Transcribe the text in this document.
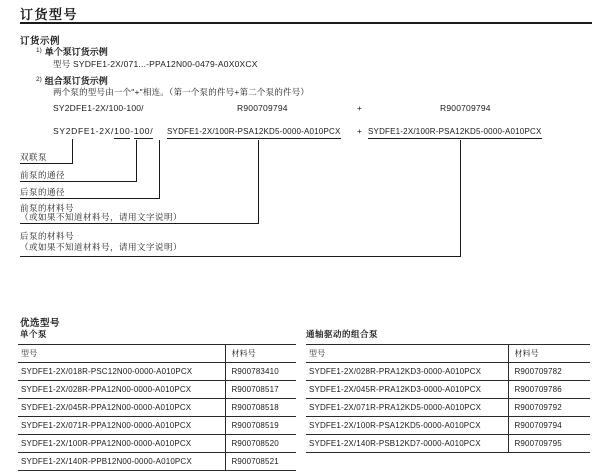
订货型号
订货示例
$^{1)}$ 单个泵订货示例
型号 SYDFE1-2X/071...-PPA12N00-0479-A0X0XCX
$^{2)}$ 组合泵订货示例
两个泵的型号由一个"+"相连。（第一个泵的件号+第二个泵的件号）
SY2DFE1-2X/100-100/	R900709794	+	R900709794
SY2DFE1-2X/100-100/ SYDFE1-2X/100R-PSA12KD5-0000-A010PCX + SYDFE1-2X/100R-PSA12KD5-0000-A010PCX
双联泵
前泵的通径
后泵的通径
前泵的材料号
（或如果不知道材料号，请用文字说明）
后泵的材料号
（或如果不知道材料号，请用文字说明）
优选型号
单个泵	通轴驱动的组合泵
型号	材料号
SYDFE1-2X/018R-PSC12N00-0000-A010PCX	R900783410
SYDFE1-2X/028R-PPA12N00-0000-A010PCX	R900708517
SYDFE1-2X/045R-PPA12N00-0000-A010PCX	R900708518
SYDFE1-2X/071R-PPA12N00-0000-A010PCX	R900708519
SYDFE1-2X/100R-PPA12N00-0000-A010PCX	R900708520
SYDFE1-2X/140R-PPB12N00-0000-A010PCX	R900708521
型号	材料号
SYDFE1-2X/028R-PRA12KD3-0000-A010PCX	R900709782
SYDFE1-2X/045R-PRA12KD3-0000-A010PCX	R900709786
SYDFE1-2X/071R-PRA12KD5-0000-A010PCX	R900709792
SYDFE1-2X/100R-PSA12KD5-0000-A010PCX	R900709794
SYDFE1-2X/140R-PSB12KD7-0000-A010PCX	R900709795
